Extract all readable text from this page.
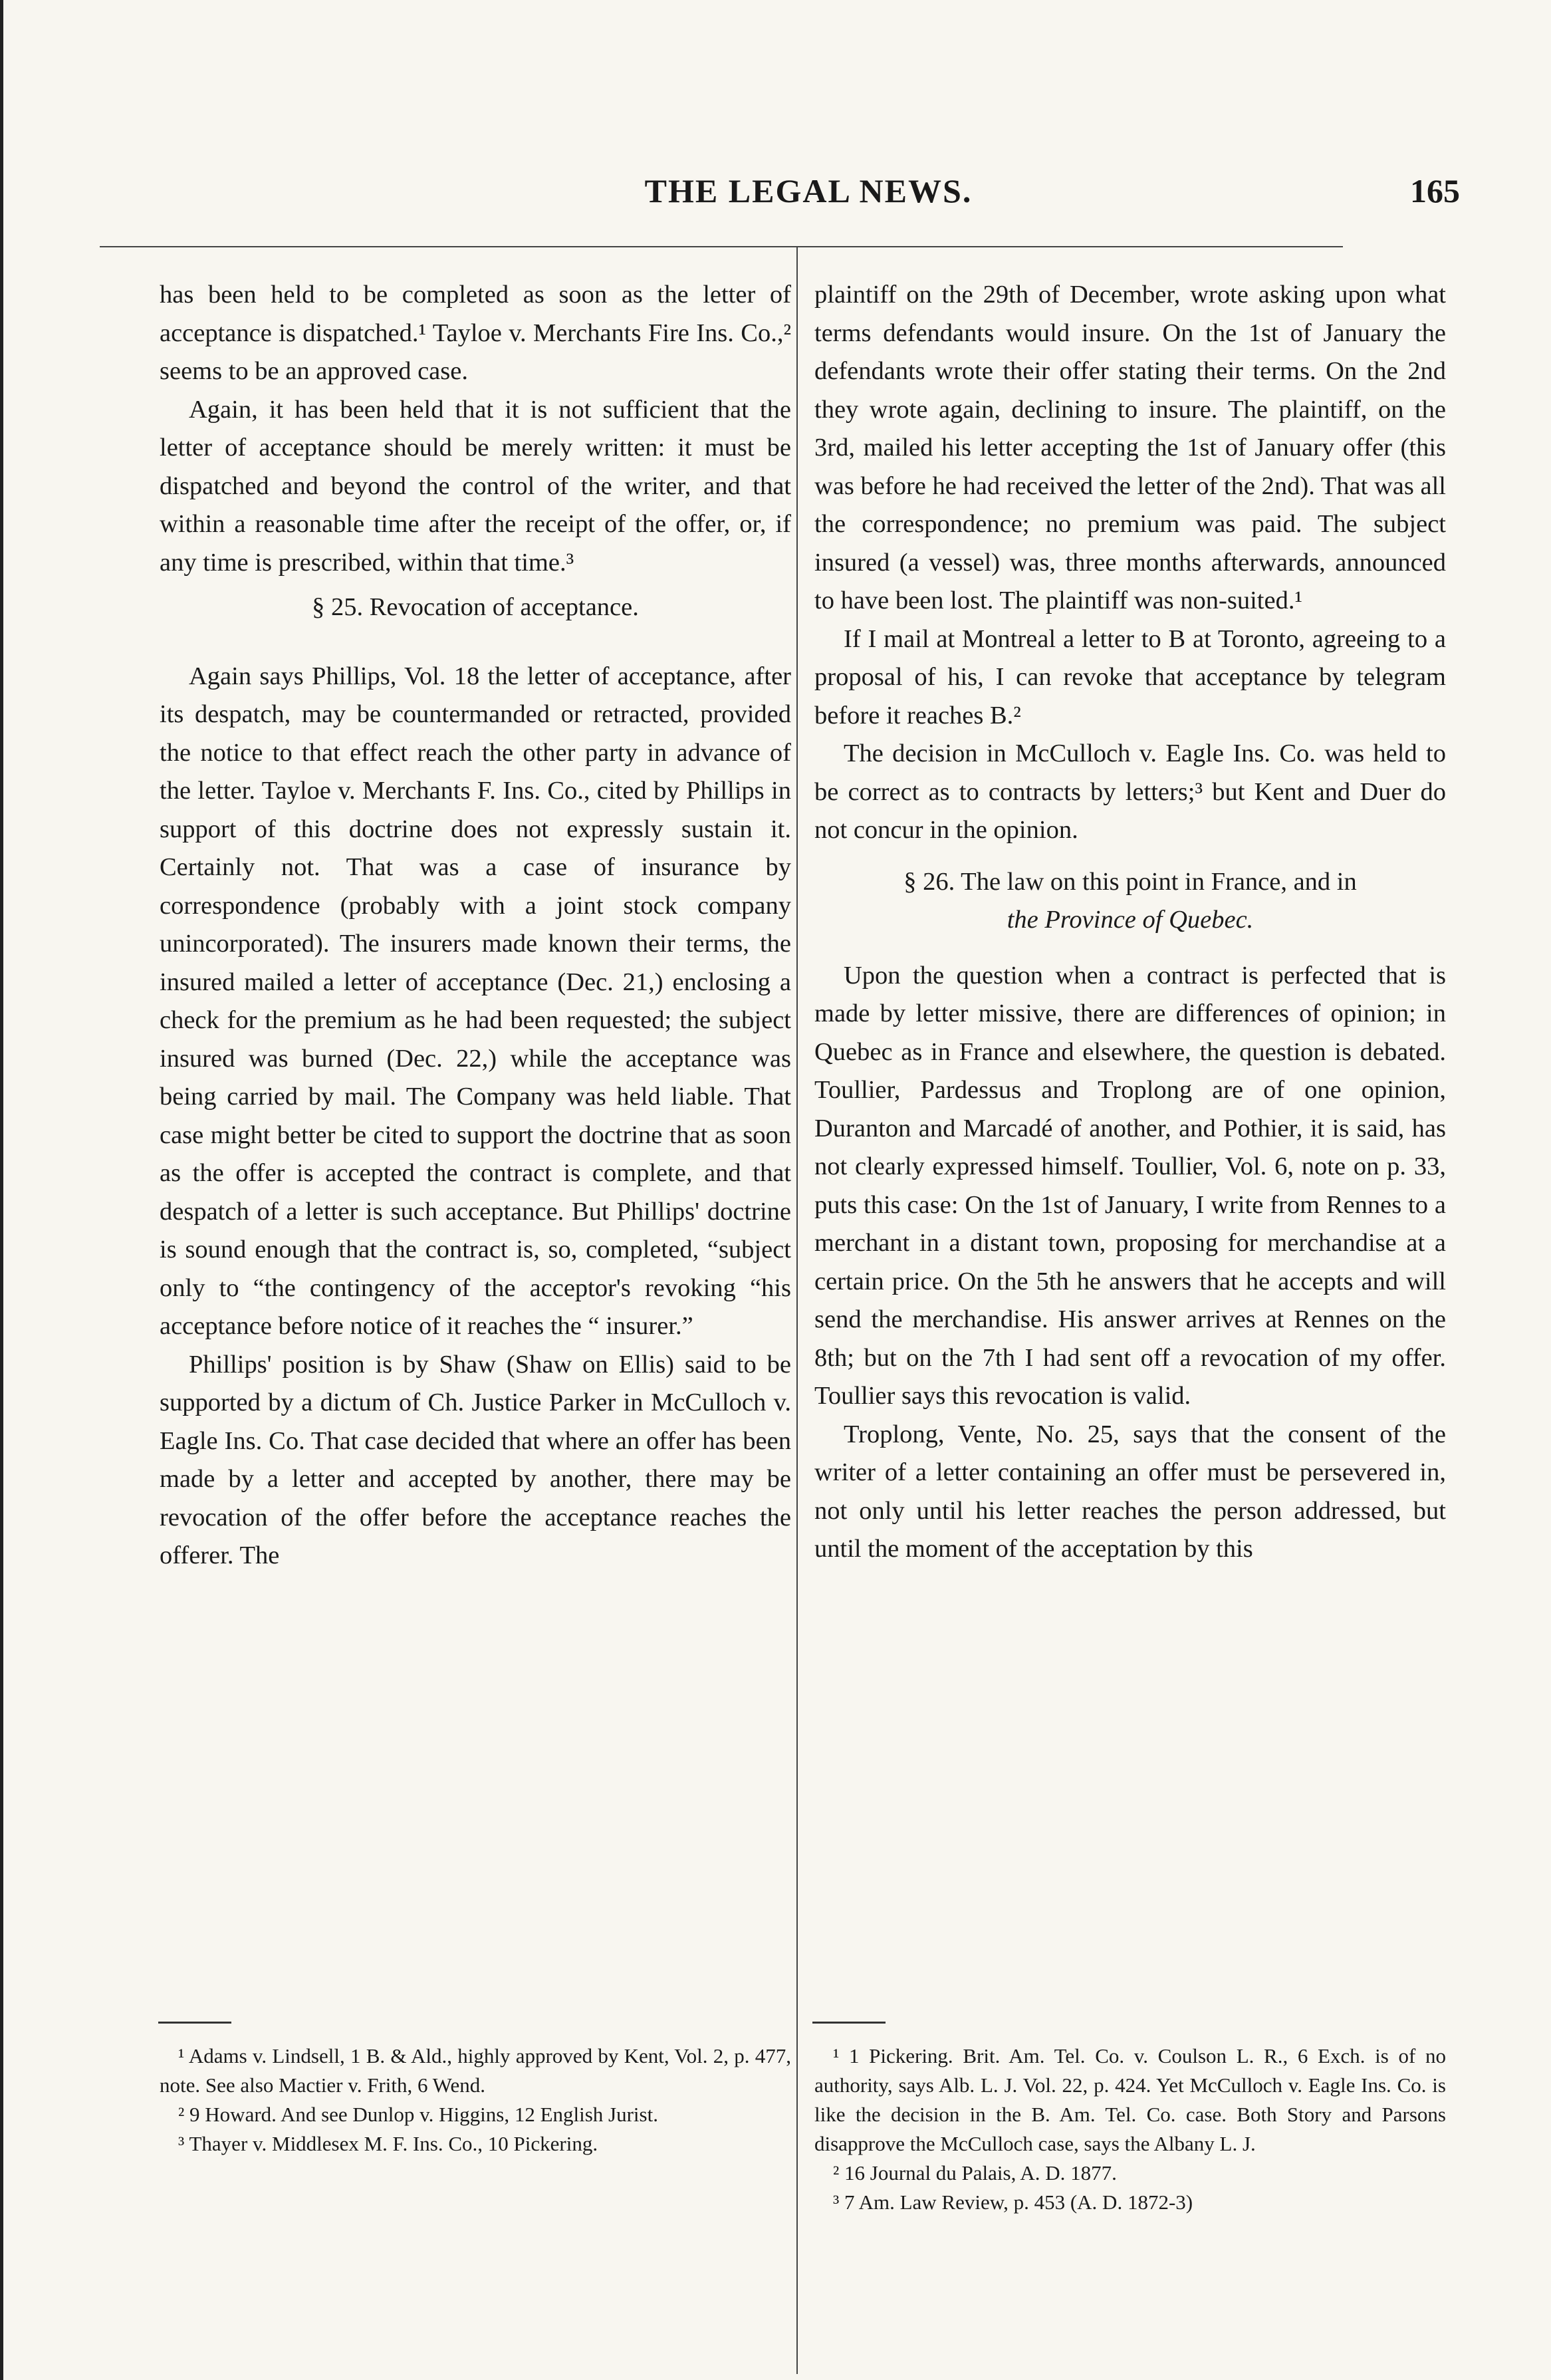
THE LEGAL NEWS.	165

has been held to be completed as soon as the letter of acceptance is dispatched.¹ Tayloe v. Merchants Fire Ins. Co.,² seems to be an approved case.

Again, it has been held that it is not sufficient that the letter of acceptance should be merely written: it must be dispatched and beyond the control of the writer, and that within a reasonable time after the receipt of the offer, or, if any time is prescribed, within that time.³

§ 25. Revocation of acceptance.

Again says Phillips, Vol. 18 the letter of acceptance, after its despatch, may be countermanded or retracted, provided the notice to that effect reach the other party in advance of the letter. Tayloe v. Merchants F. Ins. Co., cited by Phillips in support of this doctrine does not expressly sustain it. Certainly not. That was a case of insurance by correspondence (probably with a joint stock company unincorporated). The insurers made known their terms, the insured mailed a letter of acceptance (Dec. 21,) enclosing a check for the premium as he had been requested; the subject insured was burned (Dec. 22,) while the acceptance was being carried by mail. The Company was held liable. That case might better be cited to support the doctrine that as soon as the offer is accepted the contract is complete, and that despatch of a letter is such acceptance. But Phillips' doctrine is sound enough that the contract is, so, completed, “subject only to “the contingency of the acceptor's revoking “his acceptance before notice of it reaches the “ insurer.”

Phillips' position is by Shaw (Shaw on Ellis) said to be supported by a dictum of Ch. Justice Parker in McCulloch v. Eagle Ins. Co. That case decided that where an offer has been made by a letter and accepted by another, there may be revocation of the offer before the acceptance reaches the offerer. The

plaintiff on the 29th of December, wrote asking upon what terms defendants would insure. On the 1st of January the defendants wrote their offer stating their terms. On the 2nd they wrote again, declining to insure. The plaintiff, on the 3rd, mailed his letter accepting the 1st of January offer (this was before he had received the letter of the 2nd). That was all the correspondence; no premium was paid. The subject insured (a vessel) was, three months afterwards, announced to have been lost. The plaintiff was non-suited.¹

If I mail at Montreal a letter to B at Toronto, agreeing to a proposal of his, I can revoke that acceptance by telegram before it reaches B.²

The decision in McCulloch v. Eagle Ins. Co. was held to be correct as to contracts by letters;³ but Kent and Duer do not concur in the opinion.

§ 26. The law on this point in France, and in
the Province of Quebec.

Upon the question when a contract is perfected that is made by letter missive, there are differences of opinion; in Quebec as in France and elsewhere, the question is debated. Toullier, Pardessus and Troplong are of one opinion, Duranton and Marcadé of another, and Pothier, it is said, has not clearly expressed himself. Toullier, Vol. 6, note on p. 33, puts this case: On the 1st of January, I write from Rennes to a merchant in a distant town, proposing for merchandise at a certain price. On the 5th he answers that he accepts and will send the merchandise. His answer arrives at Rennes on the 8th; but on the 7th I had sent off a revocation of my offer. Toullier says this revocation is valid.

Troplong, Vente, No. 25, says that the consent of the writer of a letter containing an offer must be persevered in, not only until his letter reaches the person addressed, but until the moment of the acceptation by this

¹ Adams v. Lindsell, 1 B. & Ald., highly approved by Kent, Vol. 2, p. 477, note. See also Mactier v. Frith, 6 Wend.

² 9 Howard. And see Dunlop v. Higgins, 12 English Jurist.

³ Thayer v. Middlesex M. F. Ins. Co., 10 Pickering.

¹ 1 Pickering. Brit. Am. Tel. Co. v. Coulson L. R., 6 Exch. is of no authority, says Alb. L. J. Vol. 22, p. 424. Yet McCulloch v. Eagle Ins. Co. is like the decision in the B. Am. Tel. Co. case. Both Story and Parsons disapprove the McCulloch case, says the Albany L. J.

² 16 Journal du Palais, A. D. 1877.

³ 7 Am. Law Review, p. 453 (A. D. 1872-3)
